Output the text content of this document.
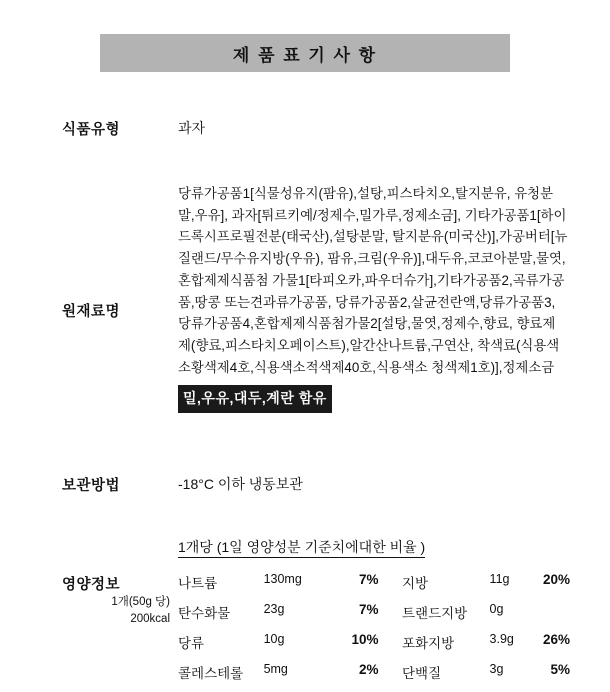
제 품 표 기 사 항
식품유형	과자
원재료명
당류가공품1[식물성유지(팜유),설탕,피스타치오,탈지분유, 유청분말,우유], 과자[튀르키예/정제수,밀가루,정제소금], 기타가공품1[하이드록시프로필전분(태국산),설탕분말, 탈지분유(미국산)],가공버터[뉴질랜드/무수유지방(우유), 팜유,크림(우유)],대두유,코코아분말,물엿,혼합제제식품첨 가물1[타피오카,파우더슈가],기타가공품2,곡류가공품,땅콩 또는견과류가공품, 당류가공품2,살균전란액,당류가공품3, 당류가공품4,혼합제제식품첨가물2[설탕,물엿,정제수,향료, 향료제제(향료,피스타치오페이스트),알간산나트륨,구연산, 착색료(식용색소황색제4호,식용색소적색제40호,식용색소 청색제1호)],정제소금
밀,우유,대두,계란 함유
보관방법	-18°C 이하 냉동보관
1개당 (1일 영양성분 기준치에대한 비율 )
영양정보
1개(50g 당)
200kcal
나트륨	130mg	7%		지방	11g	20%
탄수화물	23g	7%		트랜드지방	0g	
당류	10g	10%		포화지방	3.9g	26%
콜레스테롤	5mg	2%		단백질	3g	5%
